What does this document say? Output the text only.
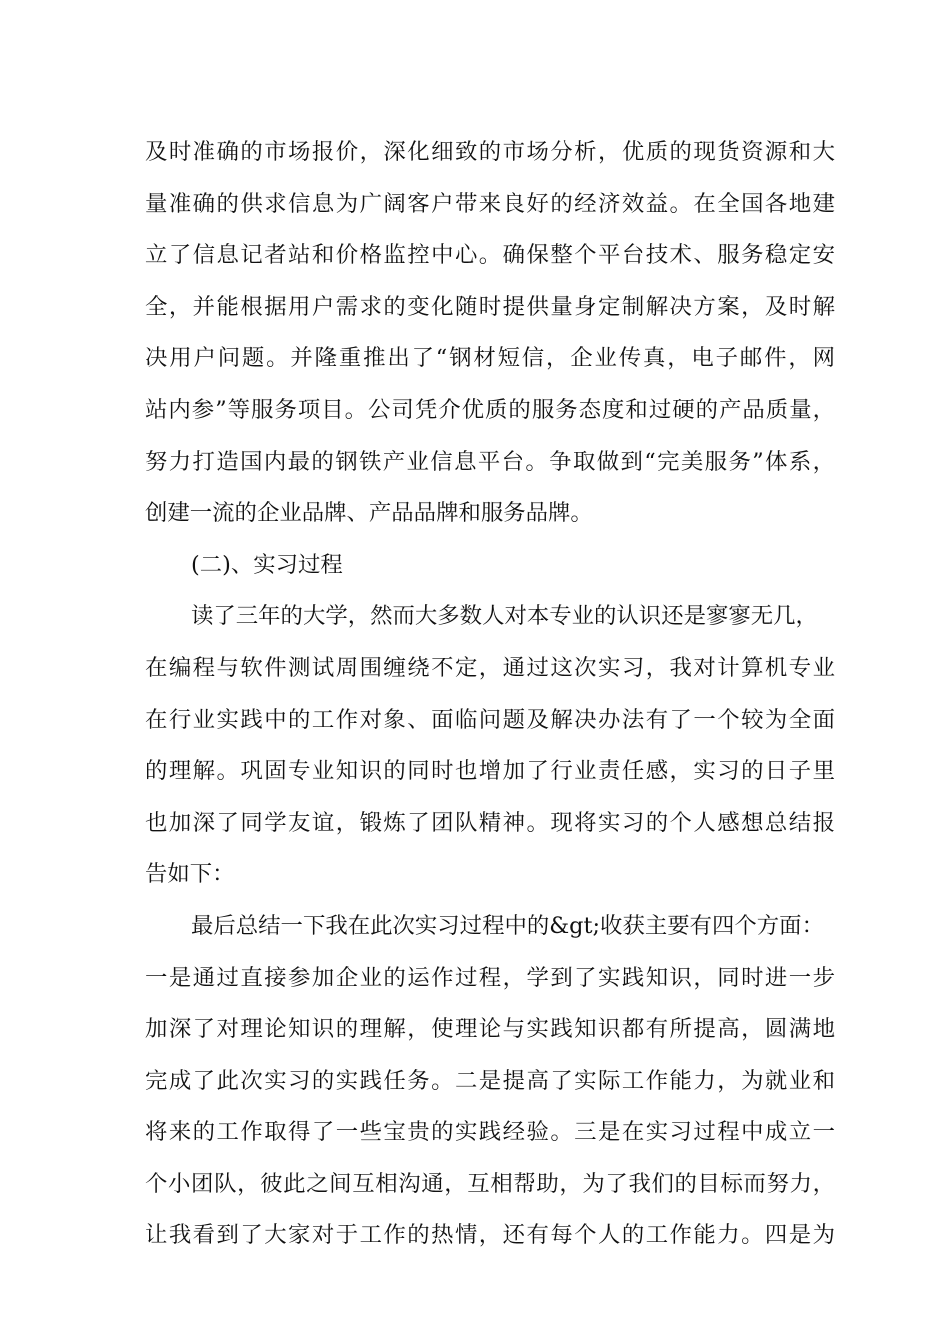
及时准确的市场报价，深化细致的市场分析，优质的现货资源和大
量准确的供求信息为广阔客户带来良好的经济效益。在全国各地建
立了信息记者站和价格监控中心。确保整个平台技术、服务稳定安
全，并能根据用户需求的变化随时提供量身定制解决方案，及时解
决用户问题。并隆重推出了“钢材短信，企业传真，电子邮件，网
站内参”等服务项目。公司凭介优质的服务态度和过硬的产品质量，
努力打造国内最的钢铁产业信息平台。争取做到“完美服务”体系，
创建一流的企业品牌、产品品牌和服务品牌。
(二)、实习过程
读了三年的大学，然而大多数人对本专业的认识还是寥寥无几，
在编程与软件测试周围缠绕不定，通过这次实习，我对计算机专业
在行业实践中的工作对象、面临问题及解决办法有了一个较为全面
的理解。巩固专业知识的同时也增加了行业责任感，实习的日子里
也加深了同学友谊，锻炼了团队精神。现将实习的个人感想总结报
告如下：
最后总结一下我在此次实习过程中的&gt;收获主要有四个方面：
一是通过直接参加企业的运作过程，学到了实践知识，同时进一步
加深了对理论知识的理解，使理论与实践知识都有所提高，圆满地
完成了此次实习的实践任务。二是提高了实际工作能力，为就业和
将来的工作取得了一些宝贵的实践经验。三是在实习过程中成立一
个小团队，彼此之间互相沟通，互相帮助，为了我们的目标而努力，
让我看到了大家对于工作的热情，还有每个人的工作能力。四是为
